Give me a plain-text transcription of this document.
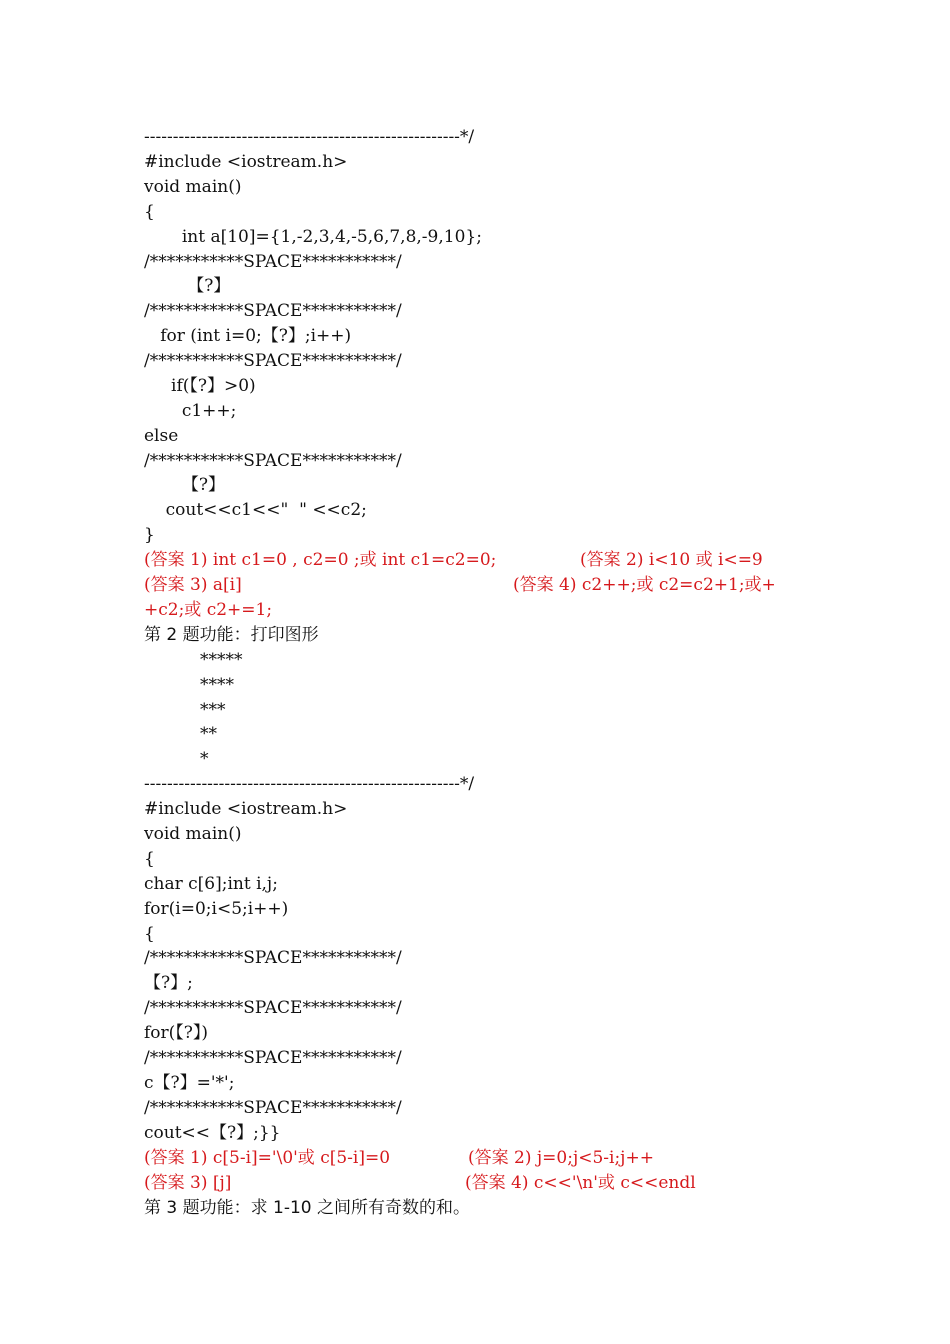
-------------------------------------------------------*/
#include <iostream.h>
void main()
{
int a[10]={1,-2,3,4,-5,6,7,8,-9,10};
/***********SPACE***********/
【?】
/***********SPACE***********/
for (int i=0;【?】;i++)
/***********SPACE***********/
if(【?】>0)
c1++;
else
/***********SPACE***********/
【?】
cout<<c1<<"  " <<c2;
}
(答案 1) int c1=0 , c2=0 ;或 int c1=c2=0;	(答案 2) i<10 或 i<=9
(答案 3) a[i]	(答案 4) c2++;或 c2=c2+1;或+
+c2;或 c2+=1;
第 2 题功能：打印图形
*****
****
***
**
*
-------------------------------------------------------*/
#include <iostream.h>
void main()
{
char c[6];int i,j;
for(i=0;i<5;i++)
{
/***********SPACE***********/
【?】;
/***********SPACE***********/
for(【?】)
/***********SPACE***********/
c【?】='*';
/***********SPACE***********/
cout<<【?】;}}
(答案 1) c[5-i]='\0'或 c[5-i]=0	(答案 2) j=0;j<5-i;j++
(答案 3) [j]	(答案 4) c<<'\n'或 c<<endl
第 3 题功能：求 1-10 之间所有奇数的和。
